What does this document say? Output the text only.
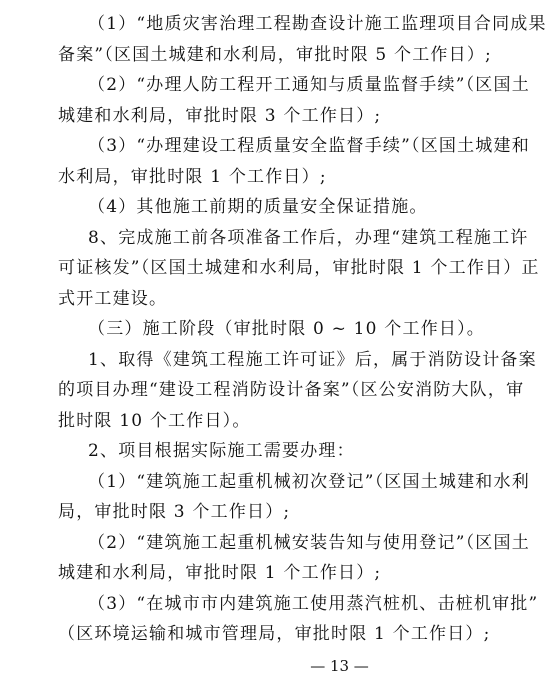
（1）“地质灾害治理工程勘查设计施工监理项目合同成果
备案”（区国土城建和水利局，审批时限 5 个工作日）;
（2）“办理人防工程开工通知与质量监督手续”（区国土
城建和水利局，审批时限 3 个工作日）;
（3）“办理建设工程质量安全监督手续”（区国土城建和
水利局，审批时限 1 个工作日）;
（4）其他施工前期的质量安全保证措施。
8、完成施工前各项准备工作后，办理“建筑工程施工许
可证核发”（区国土城建和水利局，审批时限 1 个工作日）正
式开工建设。
（三）施工阶段（审批时限 0 ~ 10 个工作日）。
1、取得《建筑工程施工许可证》后，属于消防设计备案
的项目办理“建设工程消防设计备案”（区公安消防大队，审
批时限 10 个工作日）。
2、项目根据实际施工需要办理：
（1）“建筑施工起重机械初次登记”（区国土城建和水利
局，审批时限 3 个工作日）;
（2）“建筑施工起重机械安装告知与使用登记”（区国土
城建和水利局，审批时限 1 个工作日）;
（3）“在城市市内建筑施工使用蒸汽桩机、击桩机审批”
（区环境运输和城市管理局，审批时限 1 个工作日）;
— 13 —
